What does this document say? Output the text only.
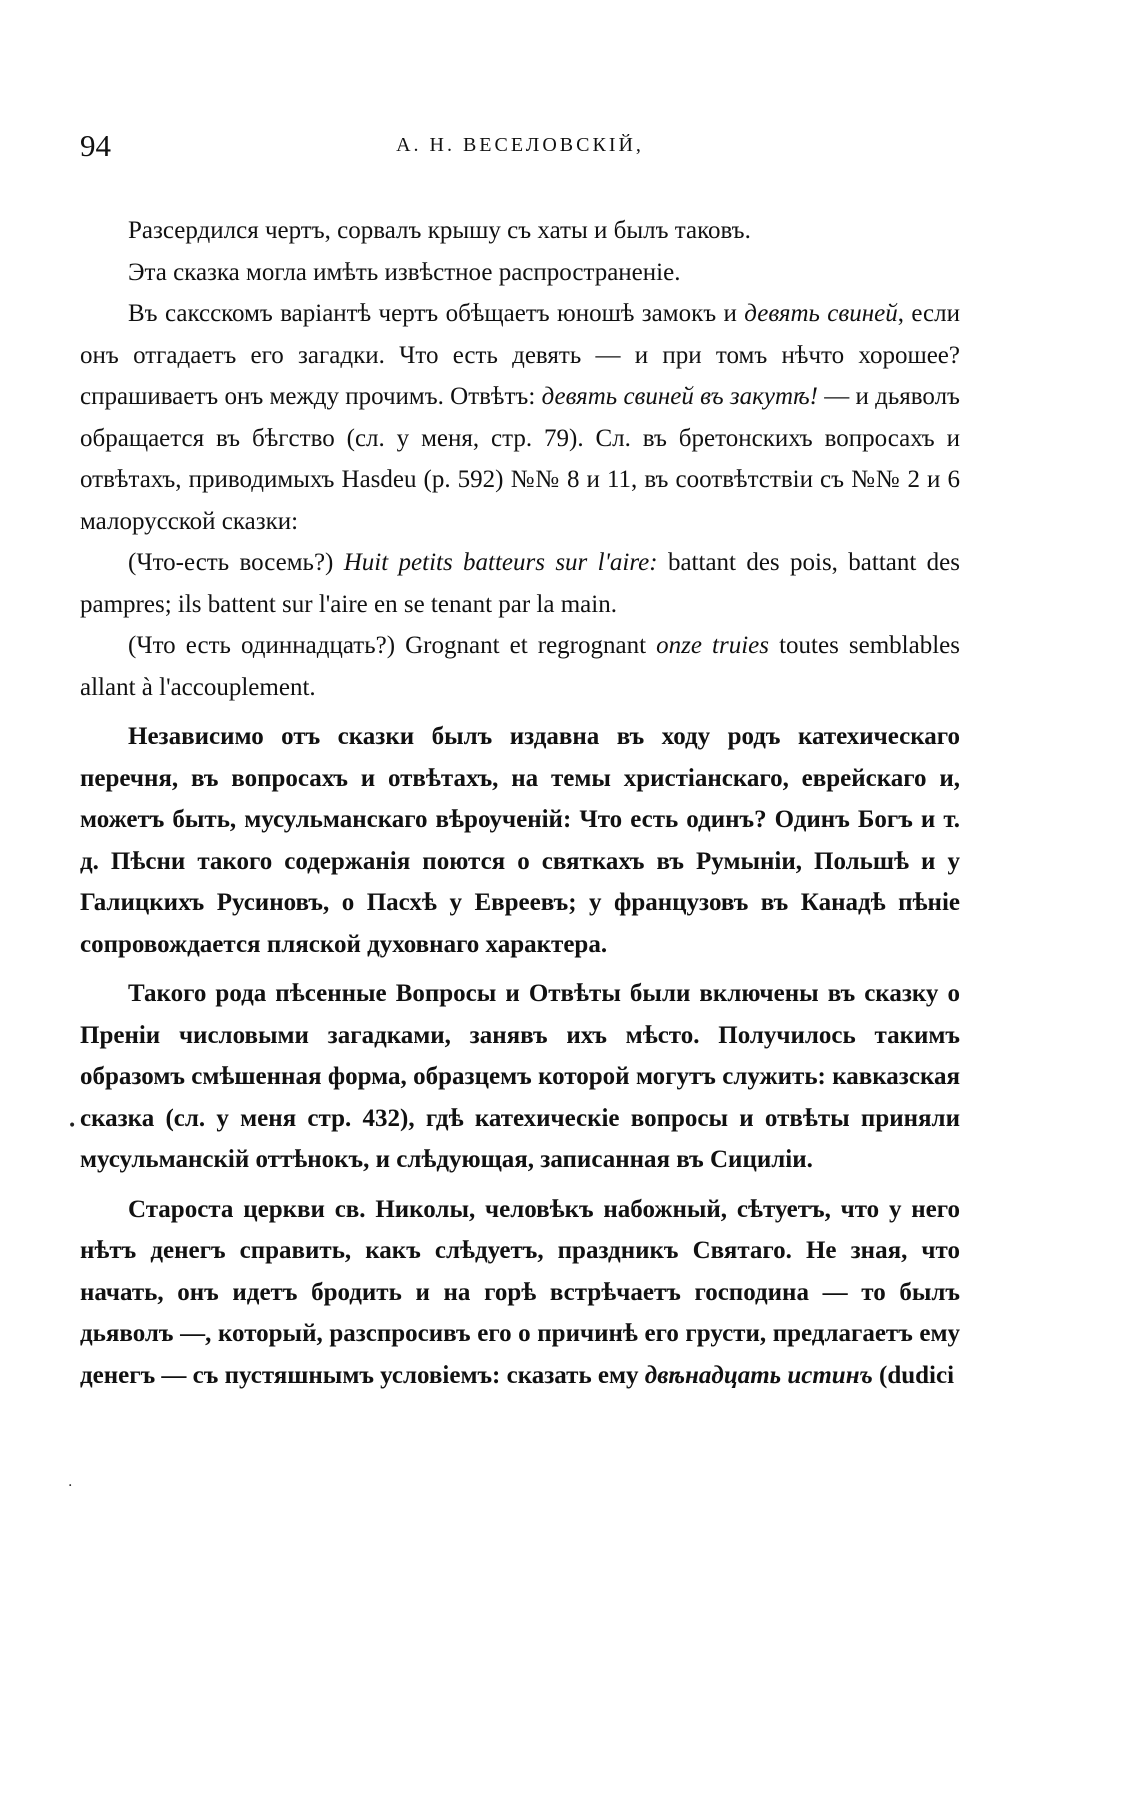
94	А. Н. ВЕСЕЛОВСКІЙ,

Разсердился чертъ, сорвалъ крышу съ хаты и былъ таковъ.

Эта сказка могла имѣть извѣстное распространеніе.

Въ саксскомъ варіантѣ чертъ обѣщаетъ юношѣ замокъ и девять свиней, если онъ отгадаетъ его загадки. Что есть девять — и при томъ нѣчто хорошее? спрашиваетъ онъ между прочимъ. Отвѣтъ: девять свиней въ закутѣ! — и дьяволъ обращается въ бѣгство (сл. у меня, стр. 79). Сл. въ бретонскихъ вопросахъ и отвѣтахъ, приводимыхъ Hasdeu (p. 592) №№ 8 и 11, въ соотвѣтствіи съ №№ 2 и 6 малорусской сказки:

(Что-есть восемь?) Huit petits batteurs sur l'aire: battant des pois, battant des pampres; ils battent sur l'aire en se tenant par la main.

(Что есть одиннадцать?) Grognant et regrognant onze truies toutes semblables allant à l'accouplement.

Независимо отъ сказки былъ издавна въ ходу родъ катехическаго перечня, въ вопросахъ и отвѣтахъ, на темы христіанскаго, еврейскаго и, можетъ быть, мусульманскаго вѣроученій: Что есть одинъ? Одинъ Богъ и т. д. Пѣсни такого содержанія поются о святкахъ въ Румыніи, Польшѣ и у Галицкихъ Русиновъ, о Пасхѣ у Евреевъ; у французовъ въ Канадѣ пѣніе сопровождается пляской духовнаго характера.

Такого рода пѣсенные Вопросы и Отвѣты были включены въ сказку о Преніи числовыми загадками, занявъ ихъ мѣсто. Получилось такимъ образомъ смѣшенная форма, образцемъ которой могутъ служить: кавказская сказка (сл. у меня стр. 432), гдѣ катехическіе вопросы и отвѣты приняли мусульманскій оттѣнокъ, и слѣдующая, записанная въ Сициліи.

Староста церкви св. Николы, человѣкъ набожный, сѣтуетъ, что у него нѣтъ денегъ справить, какъ слѣдуетъ, праздникъ Святаго. Не зная, что начать, онъ идетъ бродить и на горѣ встрѣчаетъ господина — то былъ дьяволъ —, который, разспросивъ его о причинѣ его грусти, предлагаетъ ему денегъ — съ пустяшнымъ условіемъ: сказать ему двѣнадцать истинъ (dudici

•
·
